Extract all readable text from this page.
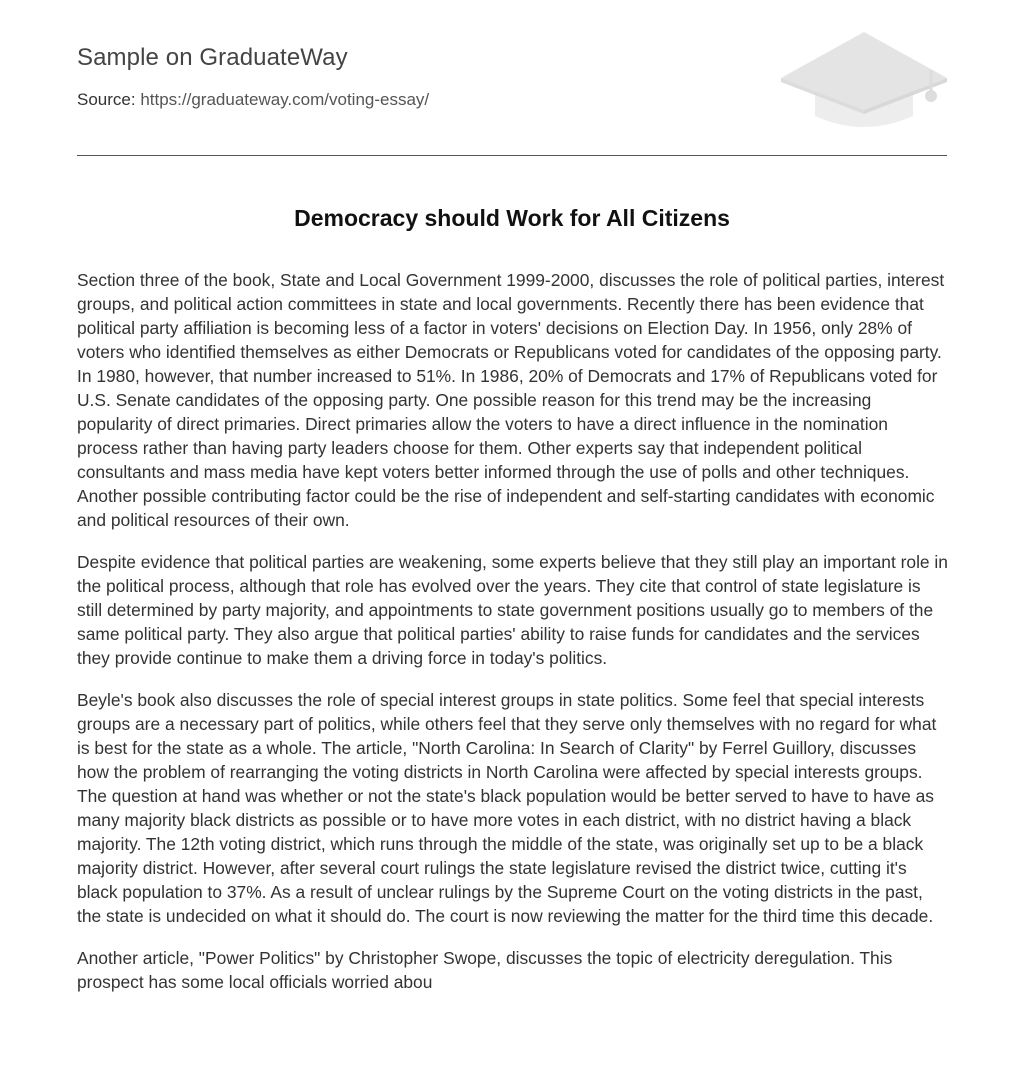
Sample on GraduateWay
Source: https://graduateway.com/voting-essay/
Democracy should Work for All Citizens

Section three of the book, State and Local Government 1999-2000, discusses the role of political parties, interest groups, and political action committees in state and local governments. Recently there has been evidence that political party affiliation is becoming less of a factor in voters' decisions on Election Day. In 1956, only 28% of voters who identified themselves as either Democrats or Republicans voted for candidates of the opposing party. In 1980, however, that number increased to 51%. In 1986, 20% of Democrats and 17% of Republicans voted for U.S. Senate candidates of the opposing party. One possible reason for this trend may be the increasing popularity of direct primaries. Direct primaries allow the voters to have a direct influence in the nomination process rather than having party leaders choose for them. Other experts say that independent political consultants and mass media have kept voters better informed through the use of polls and other techniques. Another possible contributing factor could be the rise of independent and self-starting candidates with economic and political resources of their own.

Despite evidence that political parties are weakening, some experts believe that they still play an important role in the political process, although that role has evolved over the years. They cite that control of state legislature is still determined by party majority, and appointments to state government positions usually go to members of the same political party. They also argue that political parties' ability to raise funds for candidates and the services they provide continue to make them a driving force in today's politics.

Beyle's book also discusses the role of special interest groups in state politics. Some feel that special interests groups are a necessary part of politics, while others feel that they serve only themselves with no regard for what is best for the state as a whole. The article, "North Carolina: In Search of Clarity" by Ferrel Guillory, discusses how the problem of rearranging the voting districts in North Carolina were affected by special interests groups. The question at hand was whether or not the state's black population would be better served to have to have as many majority black districts as possible or to have more votes in each district, with no district having a black majority. The 12th voting district, which runs through the middle of the state, was originally set up to be a black majority district. However, after several court rulings the state legislature revised the district twice, cutting it's black population to 37%. As a result of unclear rulings by the Supreme Court on the voting districts in the past, the state is undecided on what it should do. The court is now reviewing the matter for the third time this decade.

Another article, "Power Politics" by Christopher Swope, discusses the topic of electricity deregulation. This prospect has some local officials worried abou
